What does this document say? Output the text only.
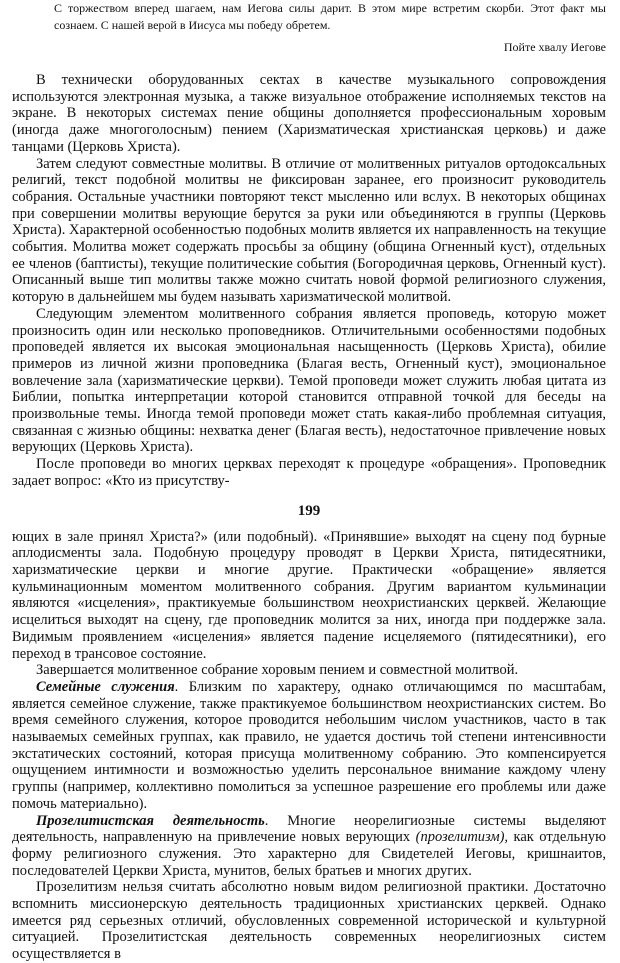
С торжеством вперед шагаем, нам Иегова силы дарит. В этом мире встретим скорби. Этот факт мы сознаем. С нашей верой в Иисуса мы победу обретем.

Пойте хвалу Иегове

В технически оборудованных сектах в качестве музыкального сопровождения используются электронная музыка, а также визуальное отображение исполняемых текстов на экране. В некоторых системах пение общины дополняется профессиональным хоровым (иногда даже многоголосным) пением (Харизматическая христианская церковь) и даже танцами (Церковь Христа).

Затем следуют совместные молитвы. В отличие от молитвенных ритуалов ортодоксальных религий, текст подобной молитвы не фиксирован заранее, его произносит руководитель собрания. Остальные участники повторяют текст мысленно или вслух. В некоторых общинах при совершении молитвы верующие берутся за руки или объединяются в группы (Церковь Христа). Характерной особенностью подобных молитв является их направленность на текущие события. Молитва может содержать просьбы за общину (община Огненный куст), отдельных ее членов (баптисты), текущие политические события (Богородичная церковь, Огненный куст). Описанный выше тип молитвы также можно считать новой формой религиозного служения, которую в дальнейшем мы будем называть харизматической молитвой.

Следующим элементом молитвенного собрания является проповедь, которую может произносить один или несколько проповедников. Отличительными особенностями подобных проповедей является их высокая эмоциональная насыщенность (Церковь Христа), обилие примеров из личной жизни проповедника (Благая весть, Огненный куст), эмоциональное вовлечение зала (харизматические церкви). Темой проповеди может служить любая цитата из Библии, попытка интерпретации которой становится отправной точкой для беседы на произвольные темы. Иногда темой проповеди может стать какая-либо проблемная ситуация, связанная с жизнью общины: нехватка денег (Благая весть), недостаточное привлечение новых верующих (Церковь Христа).

После проповеди во многих церквах переходят к процедуре «обращения». Проповедник задает вопрос: «Кто из присутству-

199

ющих в зале принял Христа?» (или подобный). «Принявшие» выходят на сцену под бурные аплодисменты зала. Подобную процедуру проводят в Церкви Христа, пятидесятники, харизматические церкви и многие другие. Практически «обращение» является кульминационным моментом молитвенного собрания. Другим вариантом кульминации являются «исцеления», практикуемые большинством неохристианских церквей. Желающие исцелиться выходят на сцену, где проповедник молится за них, иногда при поддержке зала. Видимым проявлением «исцеления» является падение исцеляемого (пятидесятники), его переход в трансовое состояние.

Завершается молитвенное собрание хоровым пением и совместной молитвой.

Семейные служения. Близким по характеру, однако отличающимся по масштабам, является семейное служение, также практикуемое большинством неохристианских систем. Во время семейного служения, которое проводится небольшим числом участников, часто в так называемых семейных группах, как правило, не удается достичь той степени интенсивности экстатических состояний, которая присуща молитвенному собранию. Это компенсируется ощущением интимности и возможностью уделить персональное внимание каждому члену группы (например, коллективно помолиться за успешное разрешение его проблемы или даже помочь материально).

Прозелитистская деятельность. Многие неорелигиозные системы выделяют деятельность, направленную на привлечение новых верующих (прозелитизм), как отдельную форму религиозного служения. Это характерно для Свидетелей Иеговы, кришнаитов, последователей Церкви Христа, мунитов, белых братьев и многих других.

Прозелитизм нельзя считать абсолютно новым видом религиозной практики. Достаточно вспомнить миссионерскую деятельность традиционных христианских церквей. Однако имеется ряд серьезных отличий, обусловленных современной исторической и культурной ситуацией. Прозелитистская деятельность современных неорелигиозных систем осуществляется в
